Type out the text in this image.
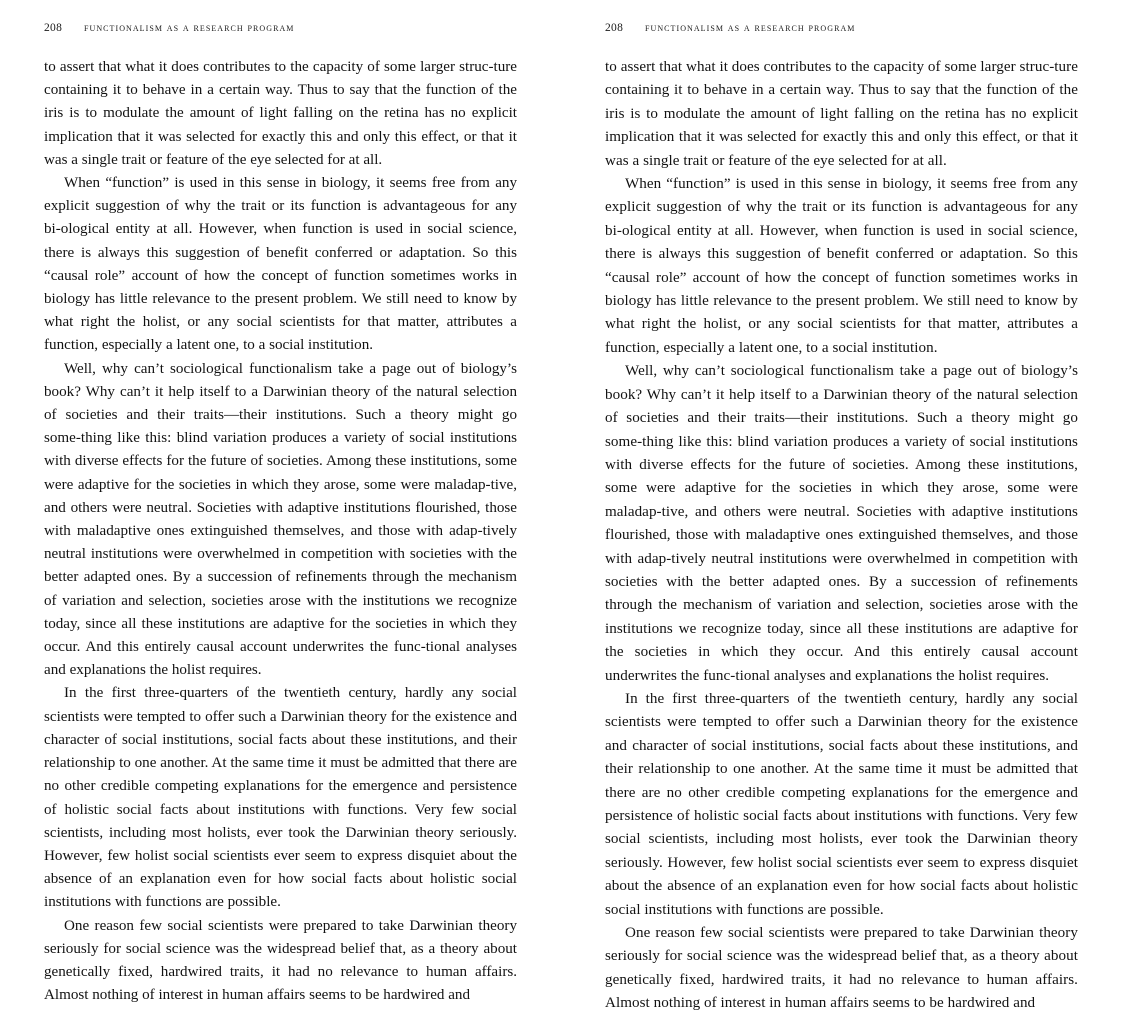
208	functionalism as a research program

to assert that what it does contributes to the capacity of some larger struc‑ture containing it to behave in a certain way. Thus to say that the function of the iris is to modulate the amount of light falling on the retina has no explicit implication that it was selected for exactly this and only this effect, or that it was a single trait or feature of the eye selected for at all.

When “function” is used in this sense in biology, it seems free from any explicit suggestion of why the trait or its function is advantageous for any bi‑ological entity at all. However, when function is used in social science, there is always this suggestion of benefit conferred or adaptation. So this “causal role” account of how the concept of function sometimes works in biology has little relevance to the present problem. We still need to know by what right the holist, or any social scientists for that matter, attributes a function, especially a latent one, to a social institution.

Well, why can’t sociological functionalism take a page out of biology’s book? Why can’t it help itself to a Darwinian theory of the natural selection of societies and their traits—their institutions. Such a theory might go some‑thing like this: blind variation produces a variety of social institutions with diverse effects for the future of societies. Among these institutions, some were adaptive for the societies in which they arose, some were maladap‑tive, and others were neutral. Societies with adaptive institutions flourished, those with maladaptive ones extinguished themselves, and those with adap‑tively neutral institutions were overwhelmed in competition with societies with the better adapted ones. By a succession of refinements through the mechanism of variation and selection, societies arose with the institutions we recognize today, since all these institutions are adaptive for the societies in which they occur. And this entirely causal account underwrites the func‑tional analyses and explanations the holist requires.

In the first three-quarters of the twentieth century, hardly any social scientists were tempted to offer such a Darwinian theory for the existence and character of social institutions, social facts about these institutions, and their relationship to one another. At the same time it must be admitted that there are no other credible competing explanations for the emergence and persistence of holistic social facts about institutions with functions. Very few social scientists, including most holists, ever took the Darwinian theory seriously. However, few holist social scientists ever seem to express disquiet about the absence of an explanation even for how social facts about holistic social institutions with functions are possible.

One reason few social scientists were prepared to take Darwinian theory seriously for social science was the widespread belief that, as a theory about genetically fixed, hardwired traits, it had no relevance to human affairs. Almost nothing of interest in human affairs seems to be hardwired and

208	functionalism as a research program

to assert that what it does contributes to the capacity of some larger struc‑ture containing it to behave in a certain way. Thus to say that the function of the iris is to modulate the amount of light falling on the retina has no explicit implication that it was selected for exactly this and only this effect, or that it was a single trait or feature of the eye selected for at all.

When “function” is used in this sense in biology, it seems free from any explicit suggestion of why the trait or its function is advantageous for any bi‑ological entity at all. However, when function is used in social science, there is always this suggestion of benefit conferred or adaptation. So this “causal role” account of how the concept of function sometimes works in biology has little relevance to the present problem. We still need to know by what right the holist, or any social scientists for that matter, attributes a function, especially a latent one, to a social institution.

Well, why can’t sociological functionalism take a page out of biology’s book? Why can’t it help itself to a Darwinian theory of the natural selection of societies and their traits—their institutions. Such a theory might go some‑thing like this: blind variation produces a variety of social institutions with diverse effects for the future of societies. Among these institutions, some were adaptive for the societies in which they arose, some were maladap‑tive, and others were neutral. Societies with adaptive institutions flourished, those with maladaptive ones extinguished themselves, and those with adap‑tively neutral institutions were overwhelmed in competition with societies with the better adapted ones. By a succession of refinements through the mechanism of variation and selection, societies arose with the institutions we recognize today, since all these institutions are adaptive for the societies in which they occur. And this entirely causal account underwrites the func‑tional analyses and explanations the holist requires.

In the first three-quarters of the twentieth century, hardly any social scientists were tempted to offer such a Darwinian theory for the existence and character of social institutions, social facts about these institutions, and their relationship to one another. At the same time it must be admitted that there are no other credible competing explanations for the emergence and persistence of holistic social facts about institutions with functions. Very few social scientists, including most holists, ever took the Darwinian theory seriously. However, few holist social scientists ever seem to express disquiet about the absence of an explanation even for how social facts about holistic social institutions with functions are possible.

One reason few social scientists were prepared to take Darwinian theory seriously for social science was the widespread belief that, as a theory about genetically fixed, hardwired traits, it had no relevance to human affairs. Almost nothing of interest in human affairs seems to be hardwired and
